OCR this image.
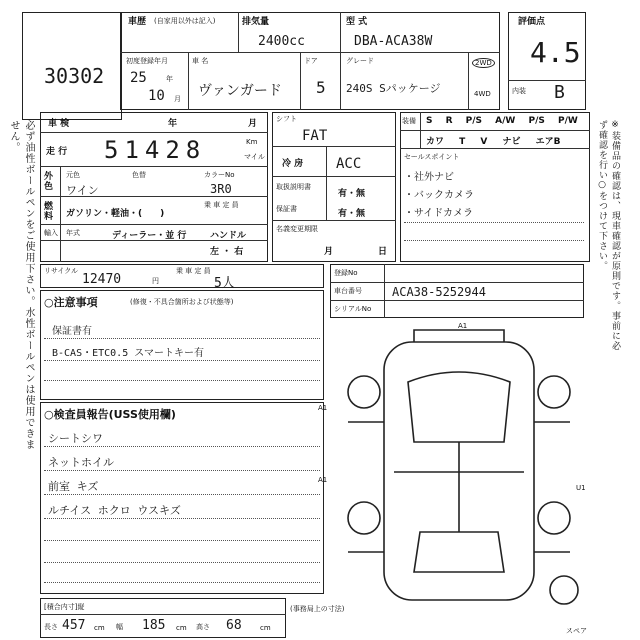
30302
車歴 (自家用以外は記入)	排気量
2400cc
型 式
DBA-ACA38W
初度登録年月
25	年
10 月
車 名
ヴァンガード
ドア
5
グレード
240S Sパッケージ
2WD
4WD
評価点
4.5
内装 B
必ず油性ボールペンをご使用下さい。水性ボールペンは使用できません。	※装備品の確認は、現車確認が原則です。事前に必ず確認を行い○をつけて下さい。
車 検	年	月
走 行 51428	Km
マイル
外色
元色	色替
ワイン
カラーNo
3R0
燃料	ガソリン・軽油・(　　)
乗 車 定 員
輸入 年式	ディーラー・並 行	ハンドル
左 ・ 右
シフト
FAT
冷 房 ACC
取扱説明書
有・無
保証書	有・無
名義変更期限
月	日
装備 S R P/S A/W P/S P/W
カワ T V ナビ エアB
セールスポイント
・社外ナビ
・バックカメラ
・サイドカメラ
リサイクル
12470	円
乗 車 定 員
5人
登録No
車台番号	ACA38-5252944
シリアルNo
○注意事項	(修復・不具合箇所および状態等)
保証書有
B-CAS・ETC0.5 スマートキー有
○検査員報告(USS使用欄)
シートシワ
ネットホイル
前室 キズ
ルチイス ホクロ ウスキズ
A1
A1
A1
U1
スペア
[積合内寸]縦
長さ 457 cm 幅 185 cm 高さ 68	cm
(事務局上の寸法)
